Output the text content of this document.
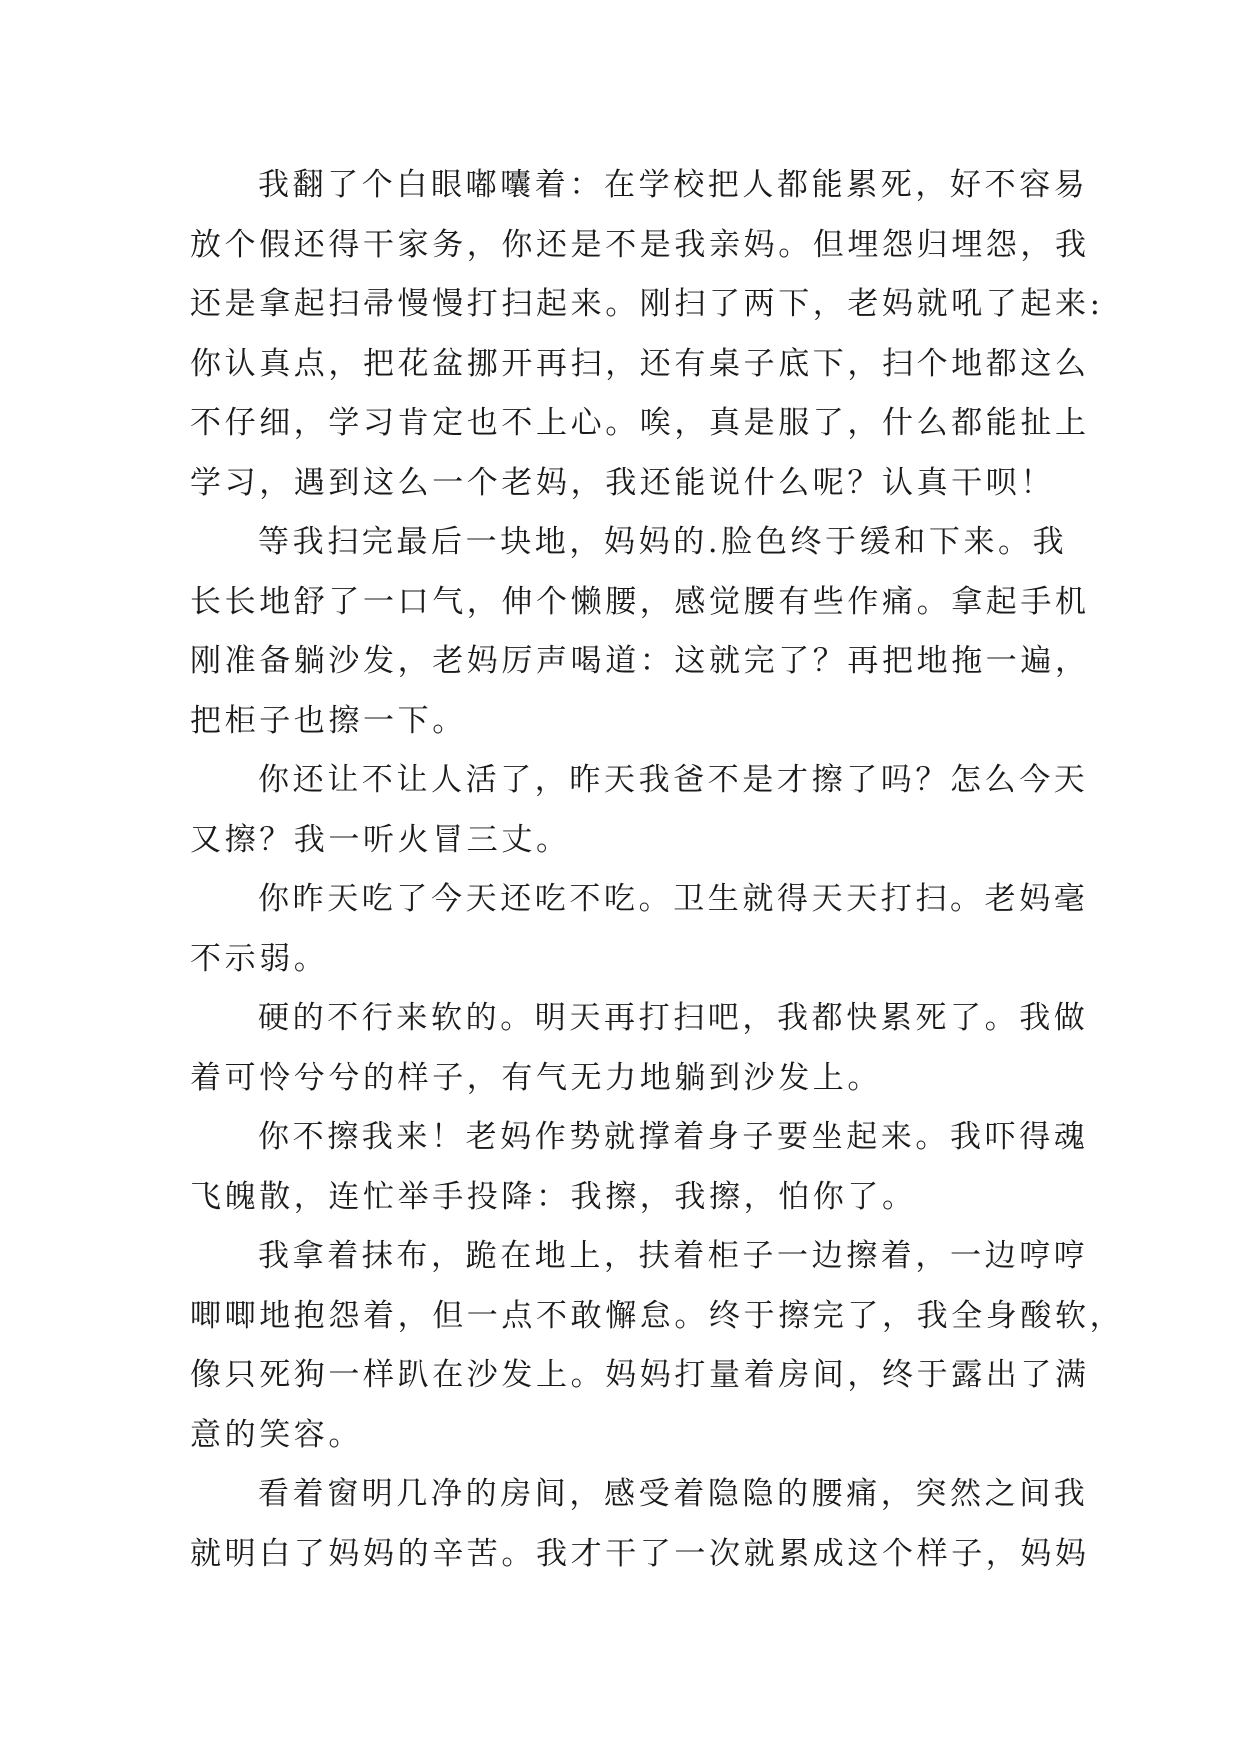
我翻了个白眼嘟囔着：在学校把人都能累死，好不容易
放个假还得干家务，你还是不是我亲妈。但埋怨归埋怨，我
还是拿起扫帚慢慢打扫起来。刚扫了两下，老妈就吼了起来:
你认真点，把花盆挪开再扫，还有桌子底下，扫个地都这么
不仔细，学习肯定也不上心。唉，真是服了，什么都能扯上
学习，遇到这么一个老妈，我还能说什么呢？认真干呗！
等我扫完最后一块地，妈妈的.脸色终于缓和下来。我
长长地舒了一口气，伸个懒腰，感觉腰有些作痛。拿起手机
刚准备躺沙发，老妈厉声喝道：这就完了？再把地拖一遍，
把柜子也擦一下。
你还让不让人活了，昨天我爸不是才擦了吗？怎么今天
又擦？我一听火冒三丈。
你昨天吃了今天还吃不吃。卫生就得天天打扫。老妈毫
不示弱。
硬的不行来软的。明天再打扫吧，我都快累死了。我做
着可怜兮兮的样子，有气无力地躺到沙发上。
你不擦我来！老妈作势就撑着身子要坐起来。我吓得魂
飞魄散，连忙举手投降：我擦，我擦，怕你了。
我拿着抹布，跪在地上，扶着柜子一边擦着，一边哼哼
唧唧地抱怨着，但一点不敢懈怠。终于擦完了，我全身酸软，
像只死狗一样趴在沙发上。妈妈打量着房间，终于露出了满
意的笑容。
看着窗明几净的房间，感受着隐隐的腰痛，突然之间我
就明白了妈妈的辛苦。我才干了一次就累成这个样子，妈妈
